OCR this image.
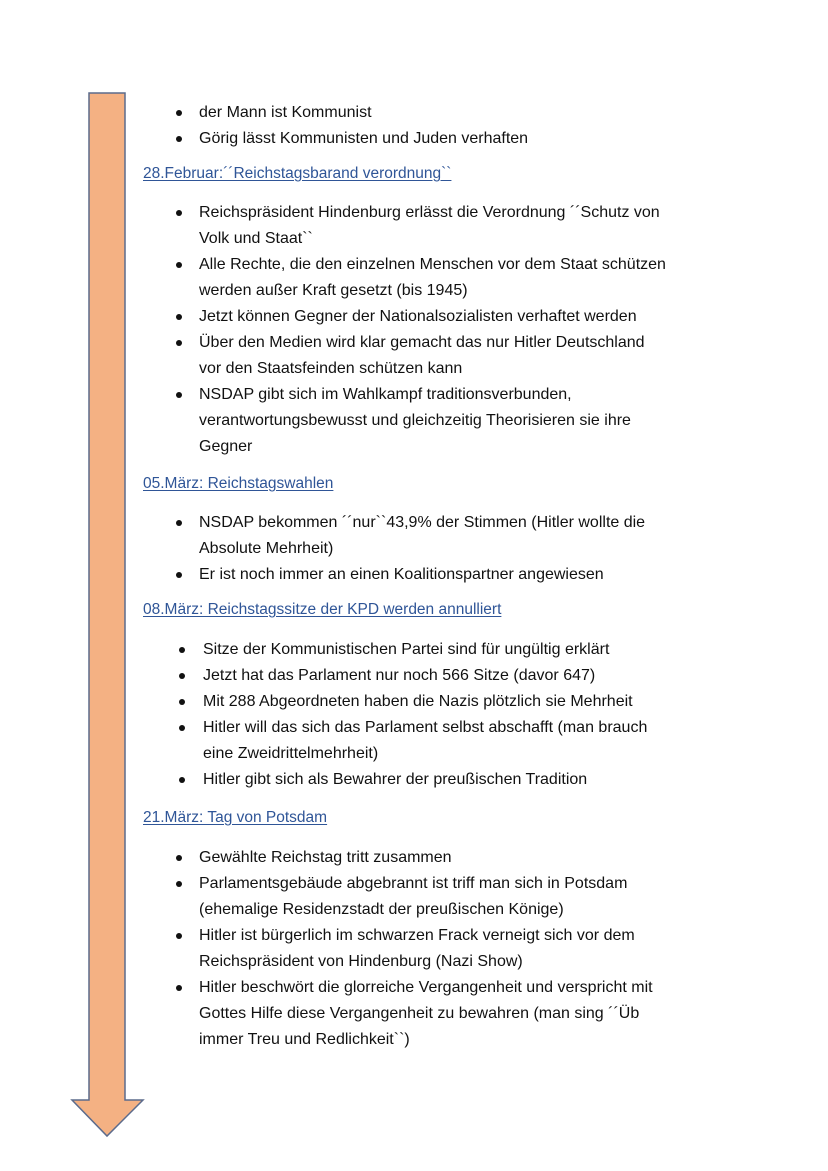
der Mann ist Kommunist
Görig lässt Kommunisten und Juden verhaften
28.Februar:´´Reichstagsbarand verordnung``
Reichspräsident Hindenburg erlässt die Verordnung ´´Schutz von
Volk und Staat``
Alle Rechte, die den einzelnen Menschen vor dem Staat schützen
werden außer Kraft gesetzt (bis 1945)
Jetzt können Gegner der Nationalsozialisten verhaftet werden
Über den Medien wird klar gemacht das nur Hitler Deutschland
vor den Staatsfeinden schützen kann
NSDAP gibt sich im Wahlkampf traditionsverbunden,
verantwortungsbewusst und gleichzeitig Theorisieren sie ihre
Gegner
05.März: Reichstagswahlen
NSDAP bekommen ´´nur``43,9% der Stimmen (Hitler wollte die
Absolute Mehrheit)
Er ist noch immer an einen Koalitionspartner angewiesen
08.März: Reichstagssitze der KPD werden annulliert
Sitze der Kommunistischen Partei sind für ungültig erklärt
Jetzt hat das Parlament nur noch 566 Sitze (davor 647)
Mit 288 Abgeordneten haben die Nazis plötzlich sie Mehrheit
Hitler will das sich das Parlament selbst abschafft (man brauch
eine Zweidrittelmehrheit)
Hitler gibt sich als Bewahrer der preußischen Tradition
21.März: Tag von Potsdam
Gewählte Reichstag tritt zusammen
Parlamentsgebäude abgebrannt ist triff man sich in Potsdam
(ehemalige Residenzstadt der preußischen Könige)
Hitler ist bürgerlich im schwarzen Frack verneigt sich vor dem
Reichspräsident von Hindenburg (Nazi Show)
Hitler beschwört die glorreiche Vergangenheit und verspricht mit
Gottes Hilfe diese Vergangenheit zu bewahren (man sing ´´Üb
immer Treu und Redlichkeit``)
